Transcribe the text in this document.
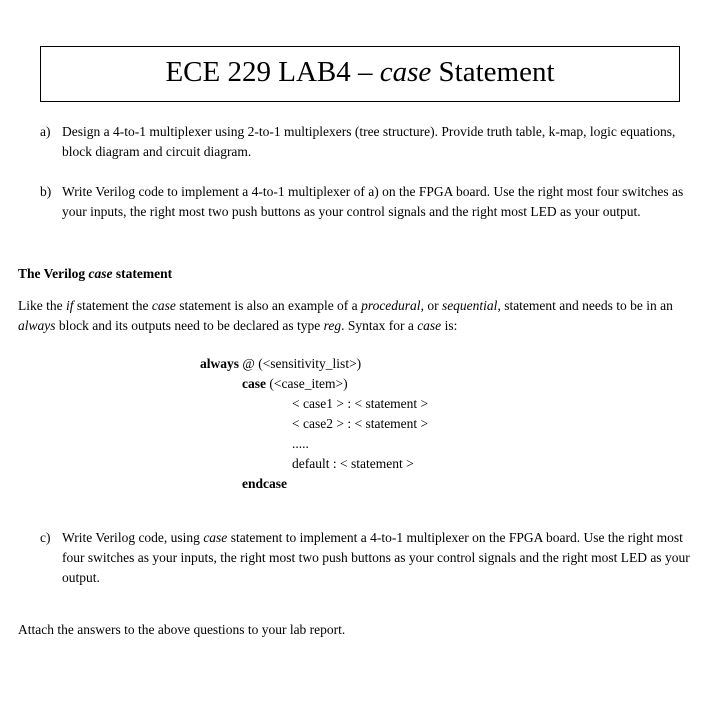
ECE 229 LAB4 – case Statement
a) Design a 4-to-1 multiplexer using 2-to-1 multiplexers (tree structure). Provide truth table, k-map, logic equations, block diagram and circuit diagram.
b) Write Verilog code to implement a 4-to-1 multiplexer of a) on the FPGA board. Use the right most four switches as your inputs, the right most two push buttons as your control signals and the right most LED as your output.

The Verilog case statement

Like the if statement the case statement is also an example of a procedural, or sequential, statement and needs to be in an always block and its outputs need to be declared as type reg. Syntax for a case is:

always @ (<sensitivity_list>)
case (<case_item>)
< case1 > : < statement >
< case2 > : < statement >
.....
default : < statement >
endcase
c) Write Verilog code, using case statement to implement a 4-to-1 multiplexer on the FPGA board. Use the right most four switches as your inputs, the right most two push buttons as your control signals and the right most LED as your output.

Attach the answers to the above questions to your lab report.
